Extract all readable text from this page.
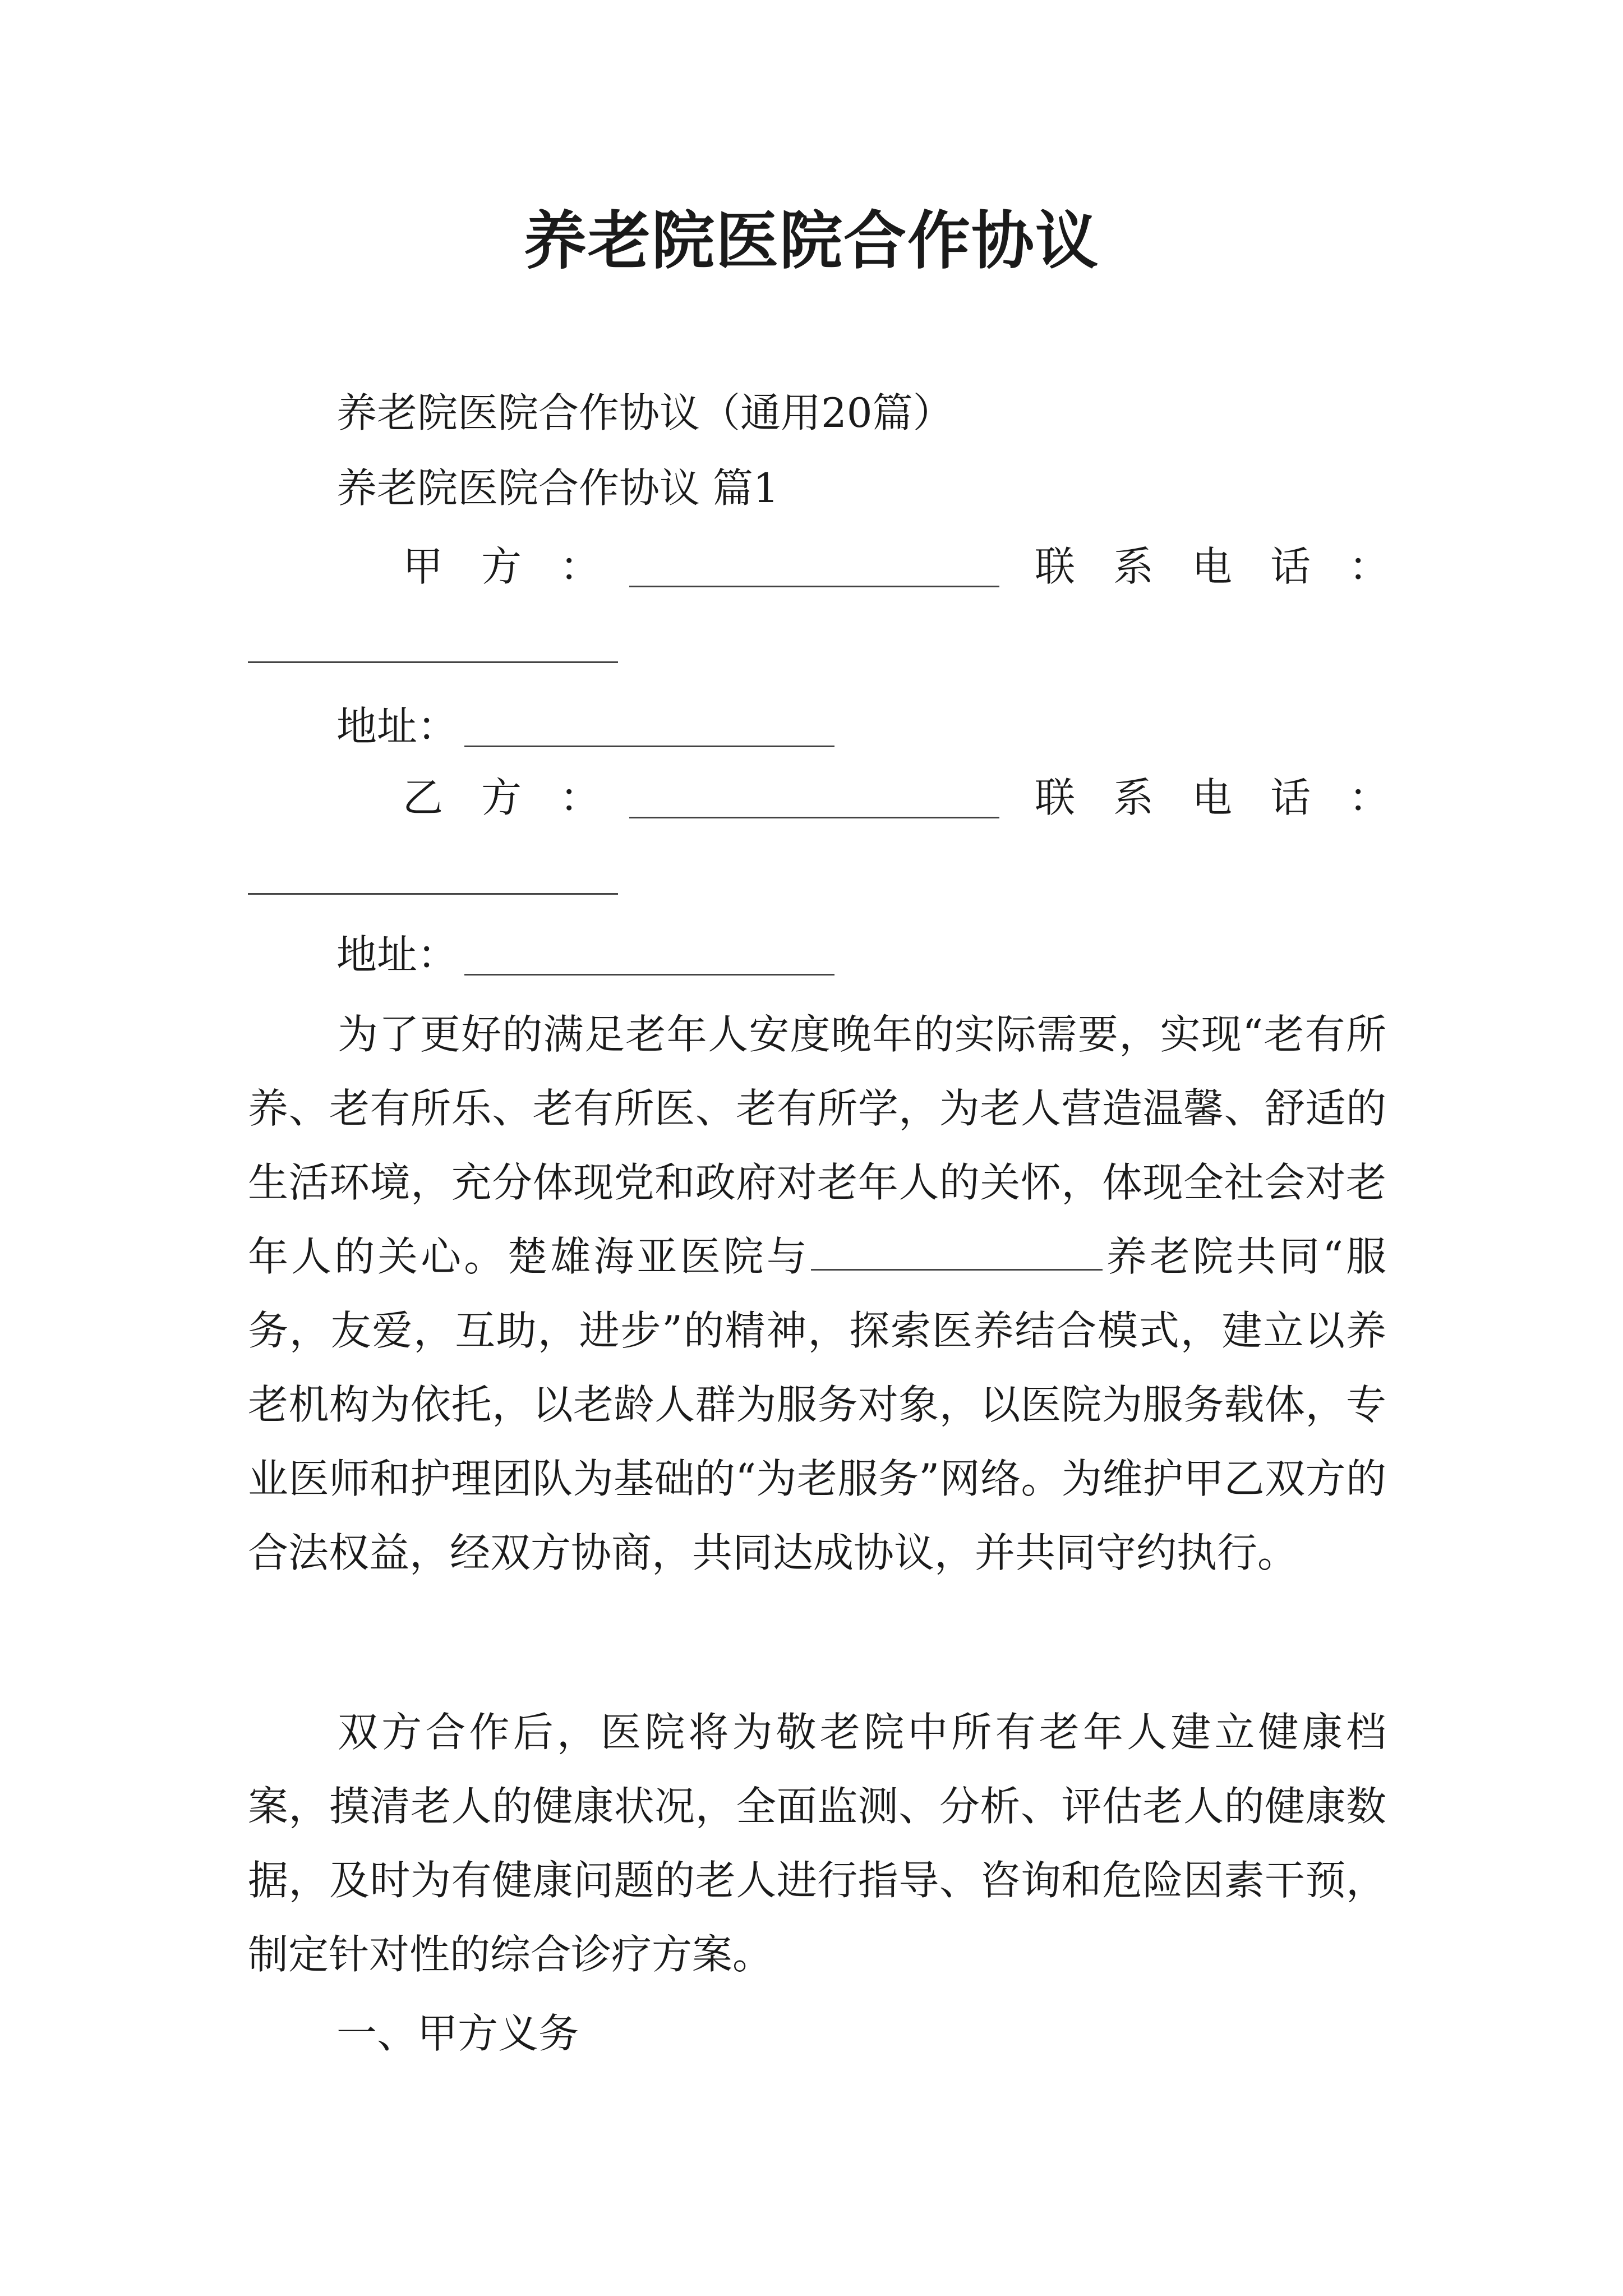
养老院医院合作协议
养老院医院合作协议（通用20篇）
养老院医院合作协议 篇1
甲方：	联系电话：
地址：
乙方：	联系电话：
地址：
为了更好的满足老年人安度晚年的实际需要，实现“老有所养、老有所乐、老有所医、老有所学，为老人营造温馨、舒适的生活环境，充分体现党和政府对老年人的关怀，体现全社会对老年人的关心。楚雄海亚医院与	养老院共同“服务，友爱，互助，进步”的精神，探索医养结合模式，建立以养老机构为依托，以老龄人群为服务对象，以医院为服务载体，专业医师和护理团队为基础的“为老服务”网络。为维护甲乙双方的合法权益，经双方协商，共同达成协议，并共同守约执行。
双方合作后，医院将为敬老院中所有老年人建立健康档案，摸清老人的健康状况，全面监测、分析、评估老人的健康数据，及时为有健康问题的老人进行指导、咨询和危险因素干预，制定针对性的综合诊疗方案。
一、甲方义务
